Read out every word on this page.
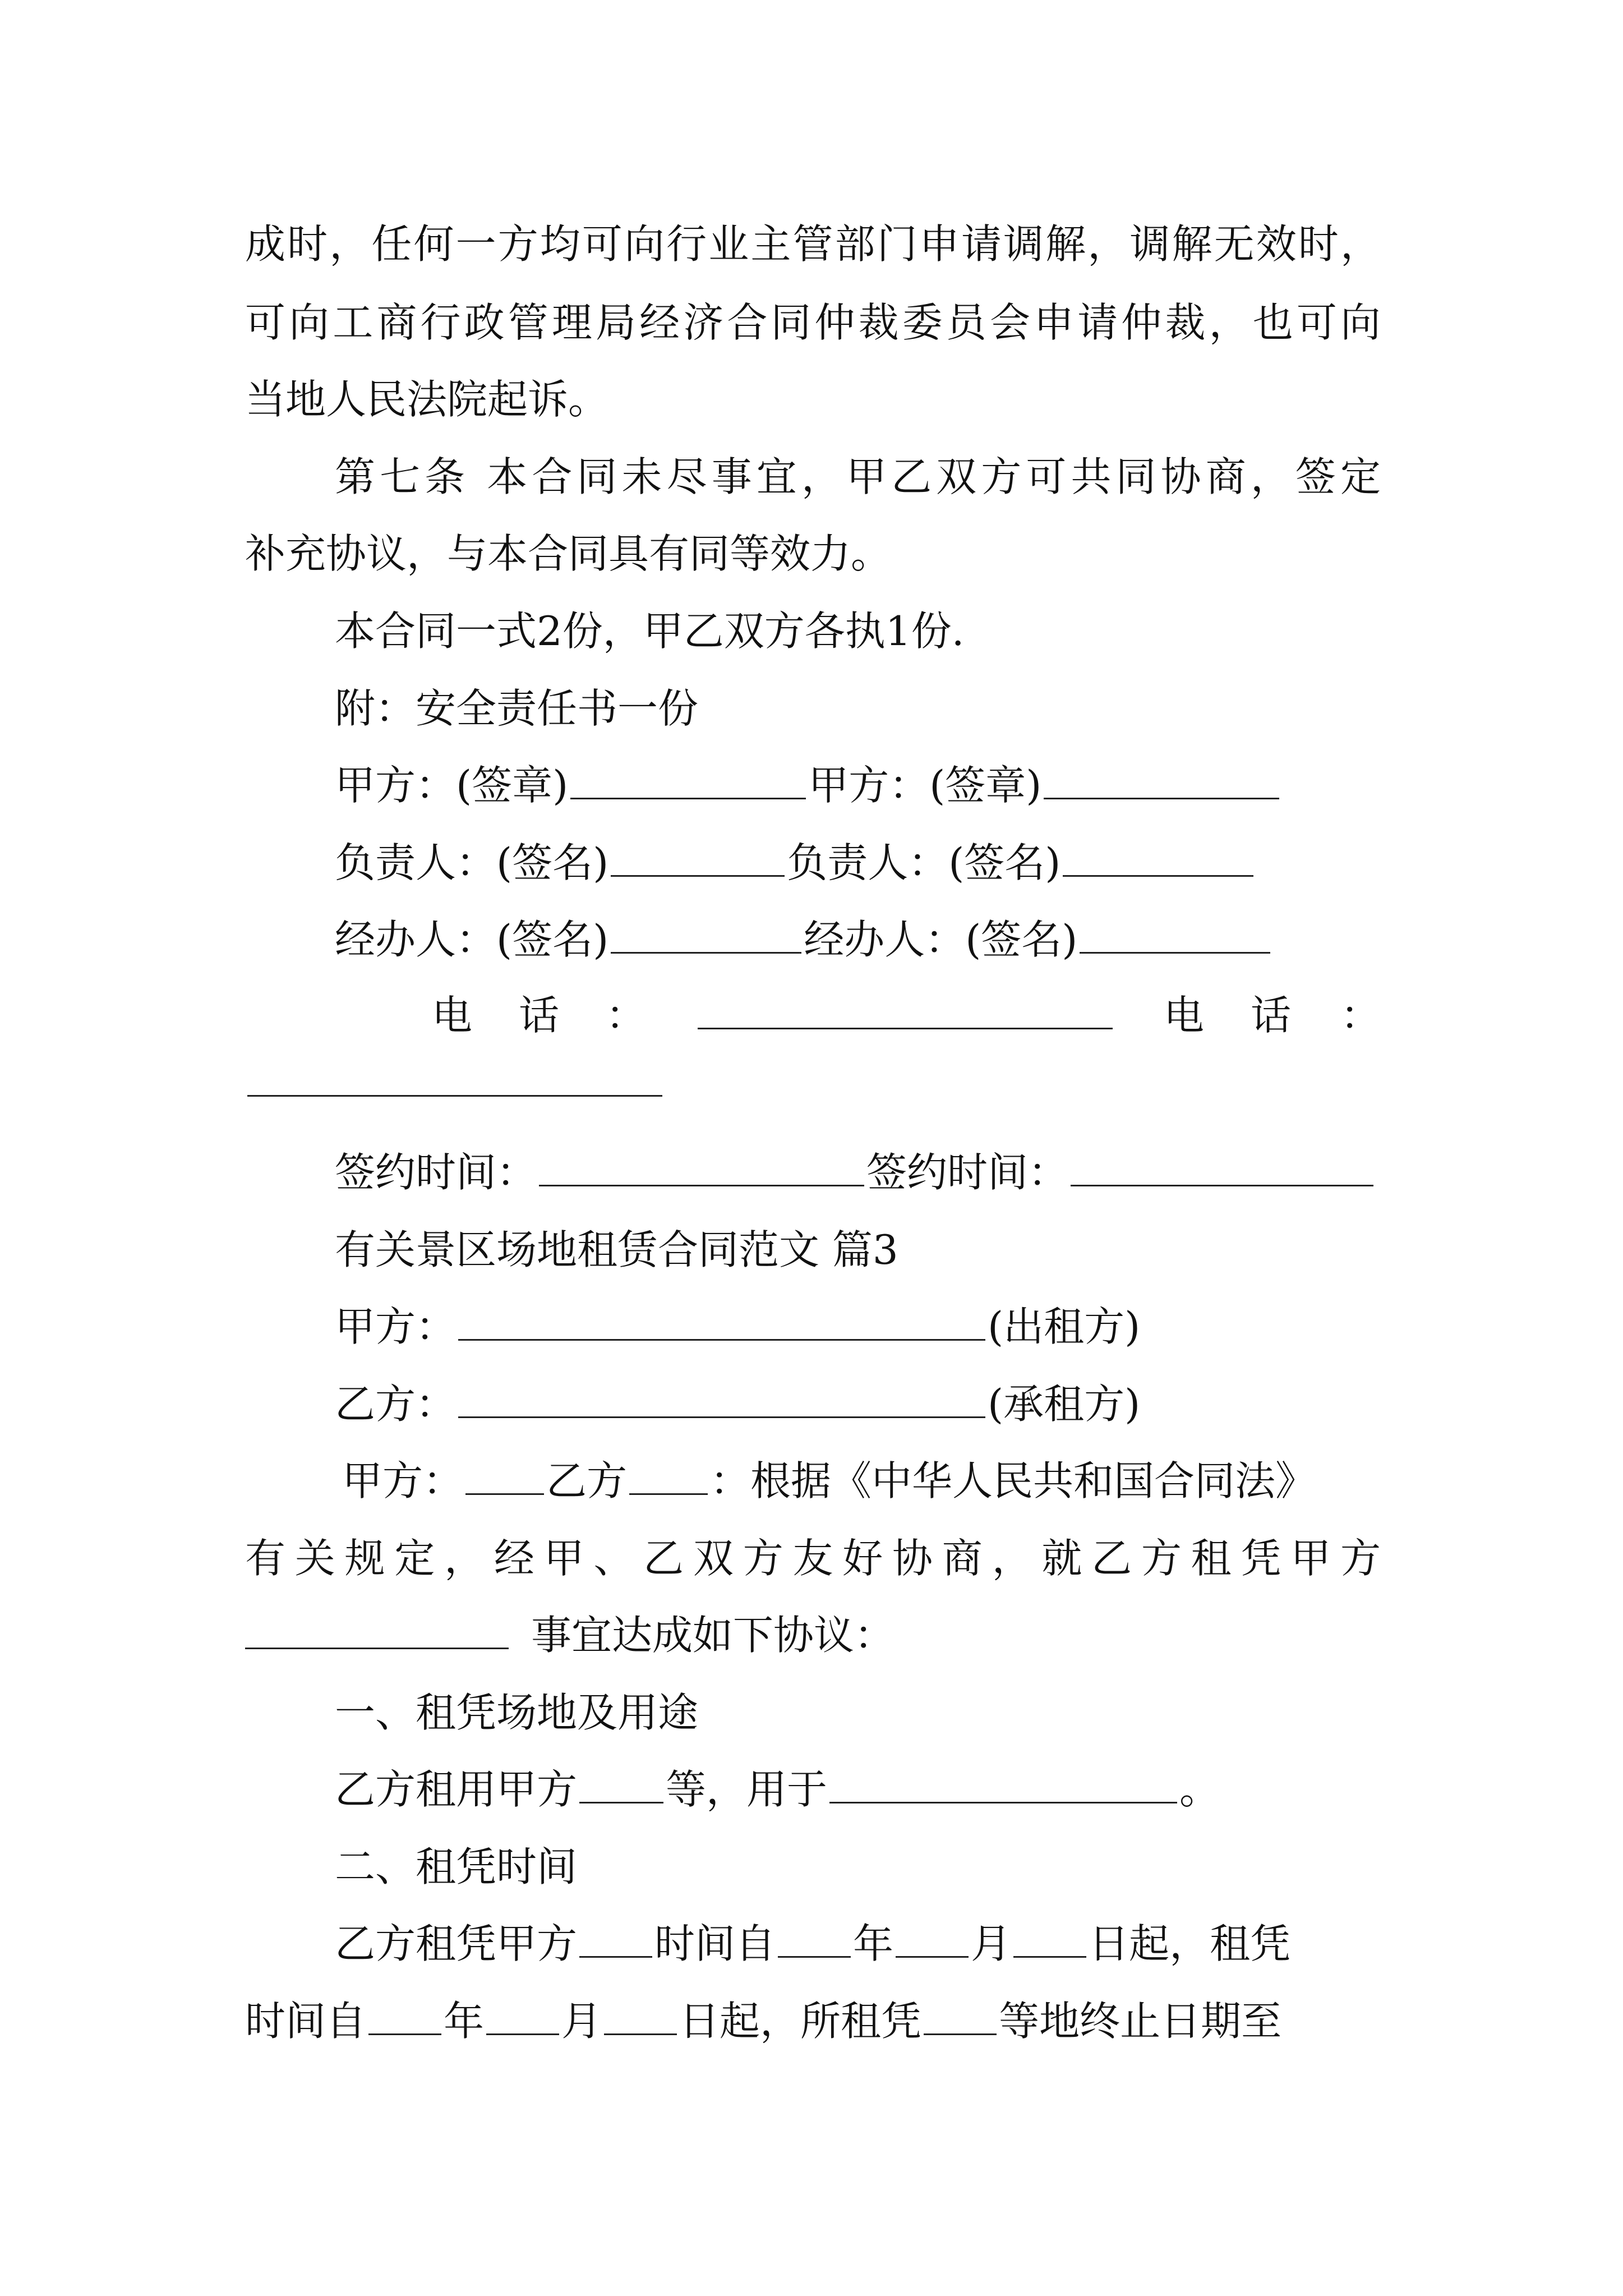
成时，任何一方均可向行业主管部门申请调解，调解无效时，
可向工商行政管理局经济合同仲裁委员会申请仲裁，也可向
当地人民法院起诉。
第七条 本合同未尽事宜，甲乙双方可共同协商，签定
补充协议，与本合同具有同等效力。
本合同一式2份，甲乙双方各执1份.
附：安全责任书一份
甲方：(签章)	甲方：(签章)
负责人：(签名)	负责人：(签名)
经办人：(签名)	经办人：(签名)
电 话 ：	电 话 ：
签约时间：	签约时间：
有关景区场地租赁合同范文 篇3
甲方：	(出租方)
乙方：	(承租方)
甲方： 乙方 ：根据《中华人民共和国合同法》
有关规定，经甲、乙双方友好协商，就乙方租凭甲方
事宜达成如下协议：
一、租凭场地及用途
乙方租用甲方 等，用于	。
二、租凭时间
乙方租凭甲方 时间自 年 月 日起，租凭
时间自 年 月 日起，所租凭 等地终止日期至
